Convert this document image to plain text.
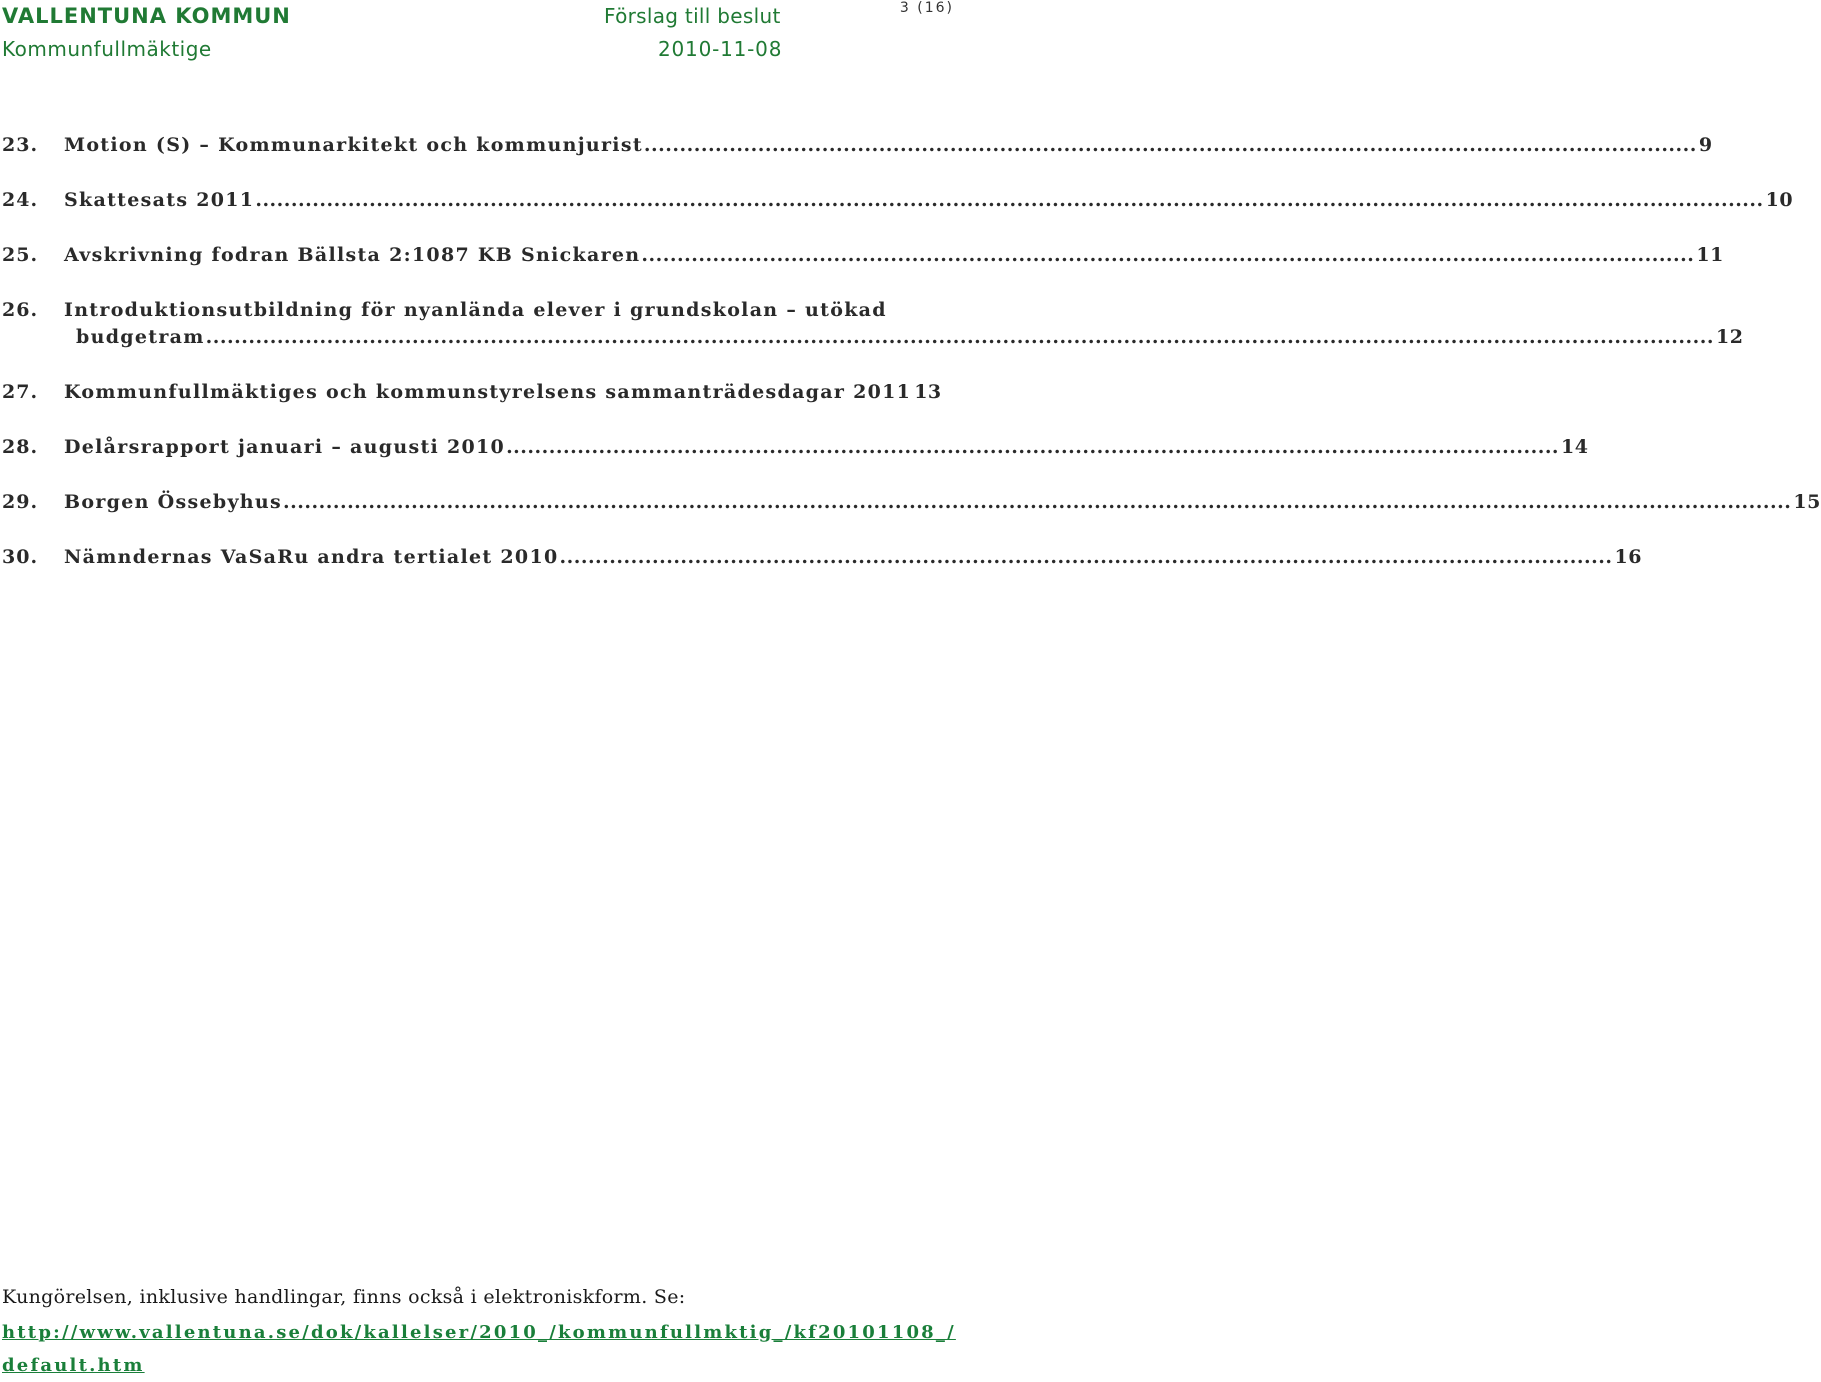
VALLENTUNA KOMMUN
Kommunfullmäktige
Förslag till beslut
2010-11-08
3 (16)
23.	Motion (S) – Kommunarkitekt och kommunjurist .................................................................................................................................................... 9
24.	Skattesats 2011 .................................................................................................................................................................................................................... 10
25.	Avskrivning fodran Bällsta 2:1087 KB Snickaren .................................................................................................................................................... 11
26.	Introduktionsutbildning för nyanlända elever i grundskolan – utökad
budgetram .................................................................................................................................................................................................................... 12
27.	Kommunfullmäktiges och kommunstyrelsens sammanträdesdagar 2011 13
28.	Delårsrapport januari – augusti 2010 .................................................................................................................................................... 14
29.	Borgen Össebyhus .................................................................................................................................................................................................................... 15
30.	Nämndernas VaSaRu andra tertialet 2010 .................................................................................................................................................... 16
Kungörelsen, inklusive handlingar, finns också i elektroniskform. Se:
http://www.vallentuna.se/dok/kallelser/2010_/kommunfullmktig_/kf20101108_/default.htm
